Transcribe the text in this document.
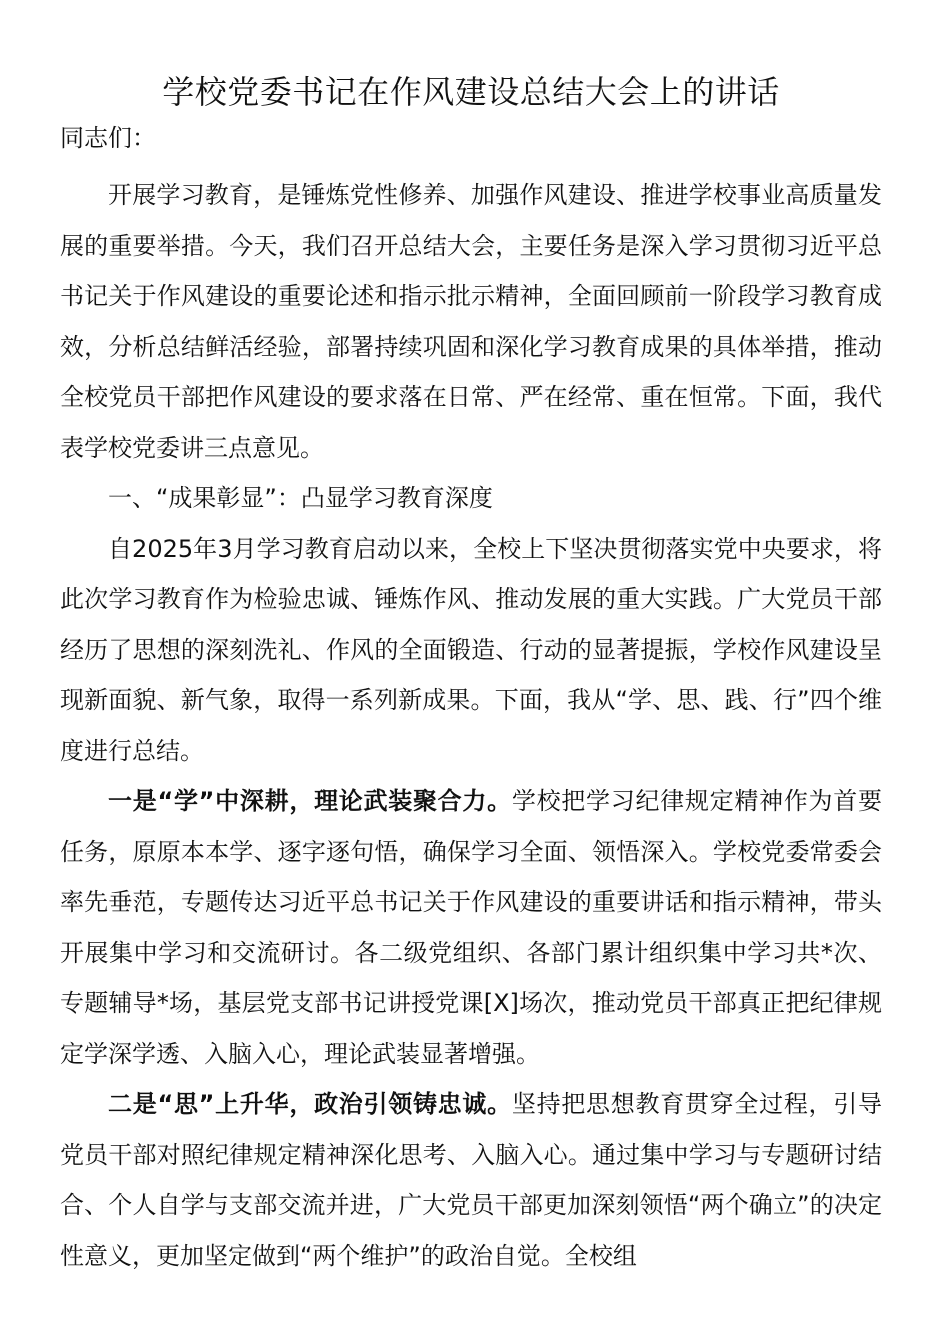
学校党委书记在作风建设总结大会上的讲话
同志们：

开展学习教育，是锤炼党性修养、加强作风建设、推进学校事业高质量发展的重要举措。今天，我们召开总结大会，主要任务是深入学习贯彻习近平总书记关于作风建设的重要论述和指示批示精神，全面回顾前一阶段学习教育成效，分析总结鲜活经验，部署持续巩固和深化学习教育成果的具体举措，推动全校党员干部把作风建设的要求落在日常、严在经常、重在恒常。下面，我代表学校党委讲三点意见。

一、“成果彰显”：凸显学习教育深度

自2025年3月学习教育启动以来，全校上下坚决贯彻落实党中央要求，将此次学习教育作为检验忠诚、锤炼作风、推动发展的重大实践。广大党员干部经历了思想的深刻洗礼、作风的全面锻造、行动的显著提振，学校作风建设呈现新面貌、新气象，取得一系列新成果。下面，我从“学、思、践、行”四个维度进行总结。

一是“学”中深耕，理论武装聚合力。学校把学习纪律规定精神作为首要任务，原原本本学、逐字逐句悟，确保学习全面、领悟深入。学校党委常委会率先垂范，专题传达习近平总书记关于作风建设的重要讲话和指示精神，带头开展集中学习和交流研讨。各二级党组织、各部门累计组织集中学习共*次、专题辅导*场，基层党支部书记讲授党课[X]场次，推动党员干部真正把纪律规定学深学透、入脑入心，理论武装显著增强。

二是“思”上升华，政治引领铸忠诚。坚持把思想教育贯穿全过程，引导党员干部对照纪律规定精神深化思考、入脑入心。通过集中学习与专题研讨结合、个人自学与支部交流并进，广大党员干部更加深刻领悟“两个确立”的决定性意义，更加坚定做到“两个维护”的政治自觉。全校组
